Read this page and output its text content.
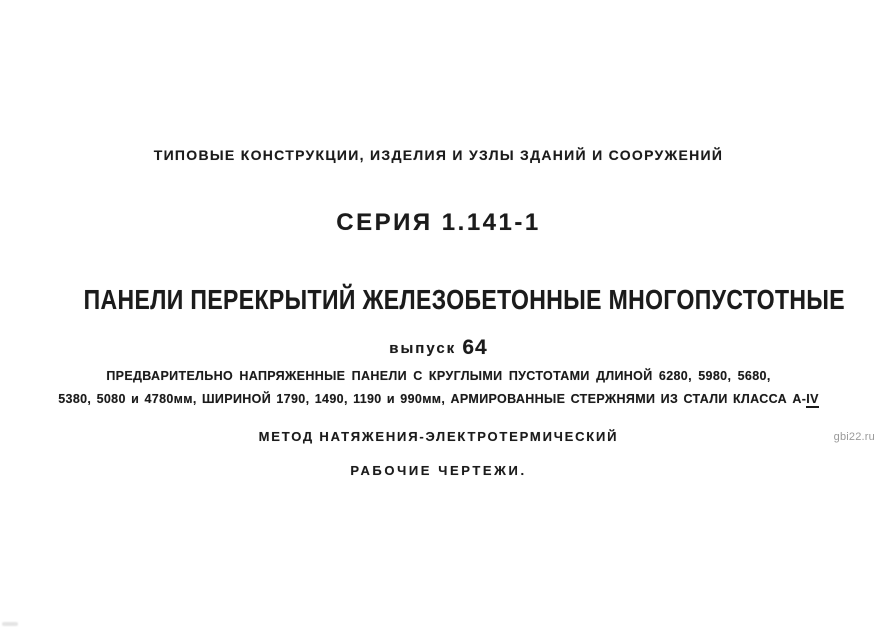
ТИПОВЫЕ КОНСТРУКЦИИ, ИЗДЕЛИЯ И УЗЛЫ ЗДАНИЙ И СООРУЖЕНИЙ
СЕРИЯ 1.141-1
ПАНЕЛИ ПЕРЕКРЫТИЙ ЖЕЛЕЗОБЕТОННЫЕ МНОГОПУСТОТНЫЕ
выпуск 64
ПРЕДВАРИТЕЛЬНО НАПРЯЖЕННЫЕ ПАНЕЛИ С КРУГЛЫМИ ПУСТОТАМИ ДЛИНОЙ 6280, 5980, 5680,
5380, 5080 и 4780мм, ШИРИНОЙ 1790, 1490, 1190 и 990мм, АРМИРОВАННЫЕ СТЕРЖНЯМИ ИЗ СТАЛИ КЛАССА А-IV
МЕТОД НАТЯЖЕНИЯ-ЭЛЕКТРОТЕРМИЧЕСКИЙ
РАБОЧИЕ ЧЕРТЕЖИ.
gbi22.ru
